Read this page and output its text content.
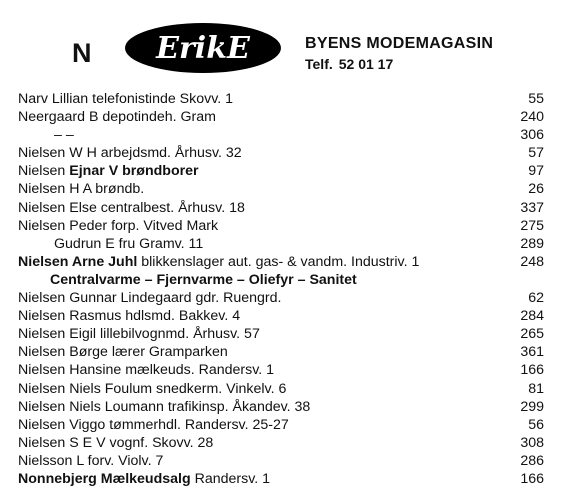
N ErikE	BYENS MODEMAGASIN
Telf. 52 01 17
Narv Lillian telefonistinde Skovv. 1	55
Neergaard B depotindeh. Gram	240
– –	306
Nielsen W H arbejdsmd. Århusv. 32	57
Nielsen Ejnar V brøndborer	97
Nielsen H A brøndb.	26
Nielsen Else centralbest. Århusv. 18	337
Nielsen Peder forp. Vitved Mark	275
Gudrun E fru Gramv. 11	289
Nielsen Arne Juhl blikkenslager aut. gas- & vandm. Industriv. 1	248
Centralvarme – Fjernvarme – Oliefyr – Sanitet
Nielsen Gunnar Lindegaard gdr. Ruengrd.	62
Nielsen Rasmus hdlsmd. Bakkev. 4	284
Nielsen Eigil lillebilvognmd. Århusv. 57	265
Nielsen Børge lærer Gramparken	361
Nielsen Hansine mælkeuds. Randersv. 1	166
Nielsen Niels Foulum snedkerm. Vinkelv. 6	81
Nielsen Niels Loumann trafikinsp. Åkandev. 38	299
Nielsen Viggo tømmerhdl. Randersv. 25-27	56
Nielsen S E V vognf. Skovv. 28	308
Nielsson L forv. Violv. 7	286
Nonnebjerg Mælkeudsalg Randersv. 1	166
